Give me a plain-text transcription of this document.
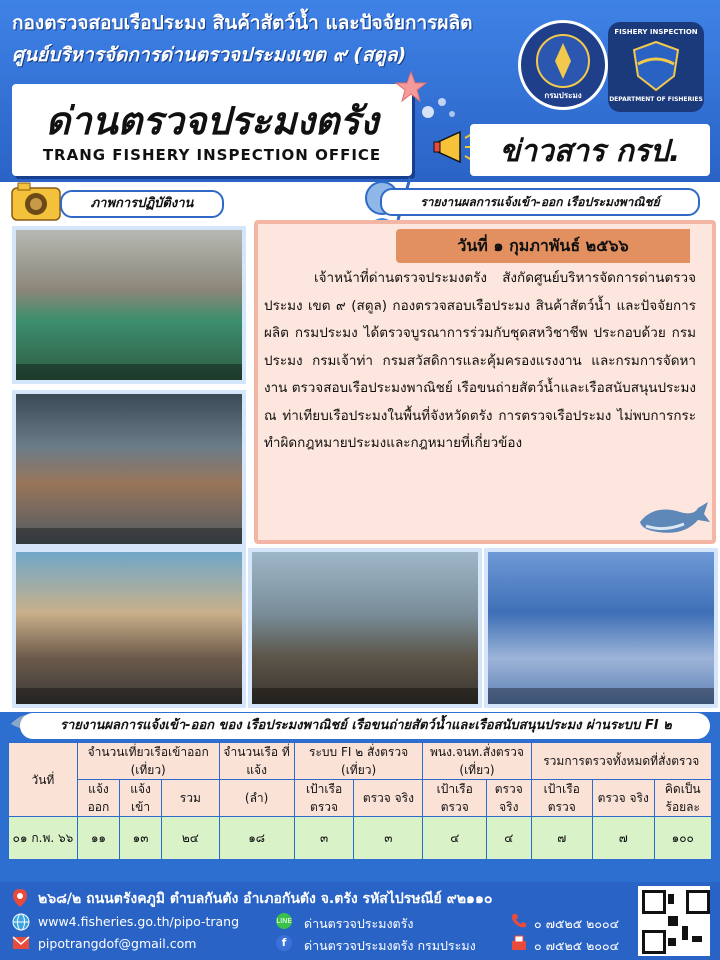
กองตรวจสอบเรือประมง สินค้าสัตว์น้ำ และปัจจัยการผลิต
ศูนย์บริหารจัดการด่านตรวจประมงเขต ๙ (สตูล)
ด่านตรวจประมงตรัง
TRANG FISHERY INSPECTION OFFICE	ข่าวสาร กรป.
กรมประมง
FISHERY INSPECTION
DEPARTMENT OF FISHERIES
ภาพการปฏิบัติงาน	รายงานผลการแจ้งเข้า-ออก เรือประมงพาณิชย์
วันที่ ๑ กุมภาพันธ์ ๒๕๖๖
เจ้าหน้าที่ด่านตรวจประมงตรัง สังกัดศูนย์บริหารจัดการด่านตรวจประมง เขต ๙ (สตูล) กองตรวจสอบเรือประมง สินค้าสัตว์น้ำ และปัจจัยการผลิต กรมประมง ได้ตรวจบูรณาการร่วมกับชุดสหวิชาชีพ ประกอบด้วย กรมประมง กรมเจ้าท่า กรมสวัสดิการและคุ้มครองแรงงาน และกรมการจัดหางาน ตรวจสอบเรือประมงพาณิชย์ เรือขนถ่ายสัตว์น้ำและเรือสนับสนุนประมง ณ ท่าเทียบเรือประมงในพื้นที่จังหวัดตรัง การตรวจเรือประมง ไม่พบการกระทำผิดกฎหมายประมงและกฎหมายที่เกี่ยวข้อง
รายงานผลการแจ้งเข้า-ออก ของ เรือประมงพาณิชย์ เรือขนถ่ายสัตว์น้ำและเรือสนับสนุนประมง ผ่านระบบ FI ๒
วันที่	จำนวนเที่ยวเรือเข้าออก (เที่ยว)			จำนวนเรือ ที่แจ้ง	ระบบ FI ๒ สั่งตรวจ (เที่ยว)		พนง.จนท.สั่งตรวจ (เที่ยว)		รวมการตรวจทั้งหมดที่สั่งตรวจ		
	แจ้ง ออก	แจ้ง เข้า	รวม	(ลำ)	เป้าเรือ ตรวจ	ตรวจ จริง	เป้าเรือ ตรวจ	ตรวจ จริง	เป้าเรือ ตรวจ	ตรวจ จริง	คิดเป็น ร้อยละ
๐๑ ก.พ. ๖๖	๑๑	๑๓	๒๔	๑๘	๓	๓	๔	๔	๗	๗	๑๐๐
๒๖๘/๒ ถนนตรังคภูมิ ตำบลกันตัง อำเภอกันตัง จ.ตรัง รหัสไปรษณีย์ ๙๒๑๑๐
www4.fisheries.go.th/pipo-trang
pipotrangdof@gmail.com
LINE ด่านตรวจประมงตรัง
f	ด่านตรวจประมงตรัง กรมประมง
๐ ๗๕๒๕ ๒๐๐๔
๐ ๗๕๒๕ ๒๐๐๔
